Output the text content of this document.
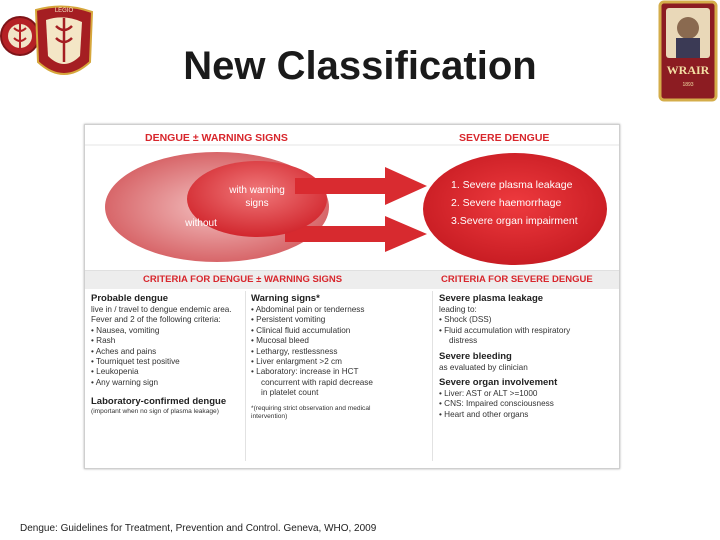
LEGIO
WRAIR
1893
New Classification
DENGUE ± WARNING SIGNS	SEVERE DENGUE
with warning
signs
without
1. Severe plasma leakage
2. Severe haemorrhage
3.Severe organ impairment
CRITERIA FOR DENGUE ± WARNING SIGNS	CRITERIA FOR SEVERE DENGUE
Probable dengue
live in / travel to dengue endemic area.
Fever and 2 of the following criteria:
• Nausea, vomiting
• Rash
• Aches and pains
• Tourniquet test positive
• Leukopenia
• Any warning sign
Laboratory-confirmed dengue
(important when no sign of plasma leakage)
Warning signs*
• Abdominal pain or tenderness
• Persistent vomiting
• Clinical fluid accumulation
• Mucosal bleed
• Lethargy, restlessness
• Liver enlargment >2 cm
• Laboratory: increase in HCT
concurrent with rapid decrease
in platelet count
*(requiring strict observation and medical
intervention)
Severe plasma leakage
leading to:
• Shock (DSS)
• Fluid accumulation with respiratory
distress
Severe bleeding
as evaluated by clinician
Severe organ involvement
• Liver: AST or ALT >=1000
• CNS: Impaired consciousness
• Heart and other organs
Dengue: Guidelines for Treatment, Prevention and Control. Geneva, WHO, 2009
